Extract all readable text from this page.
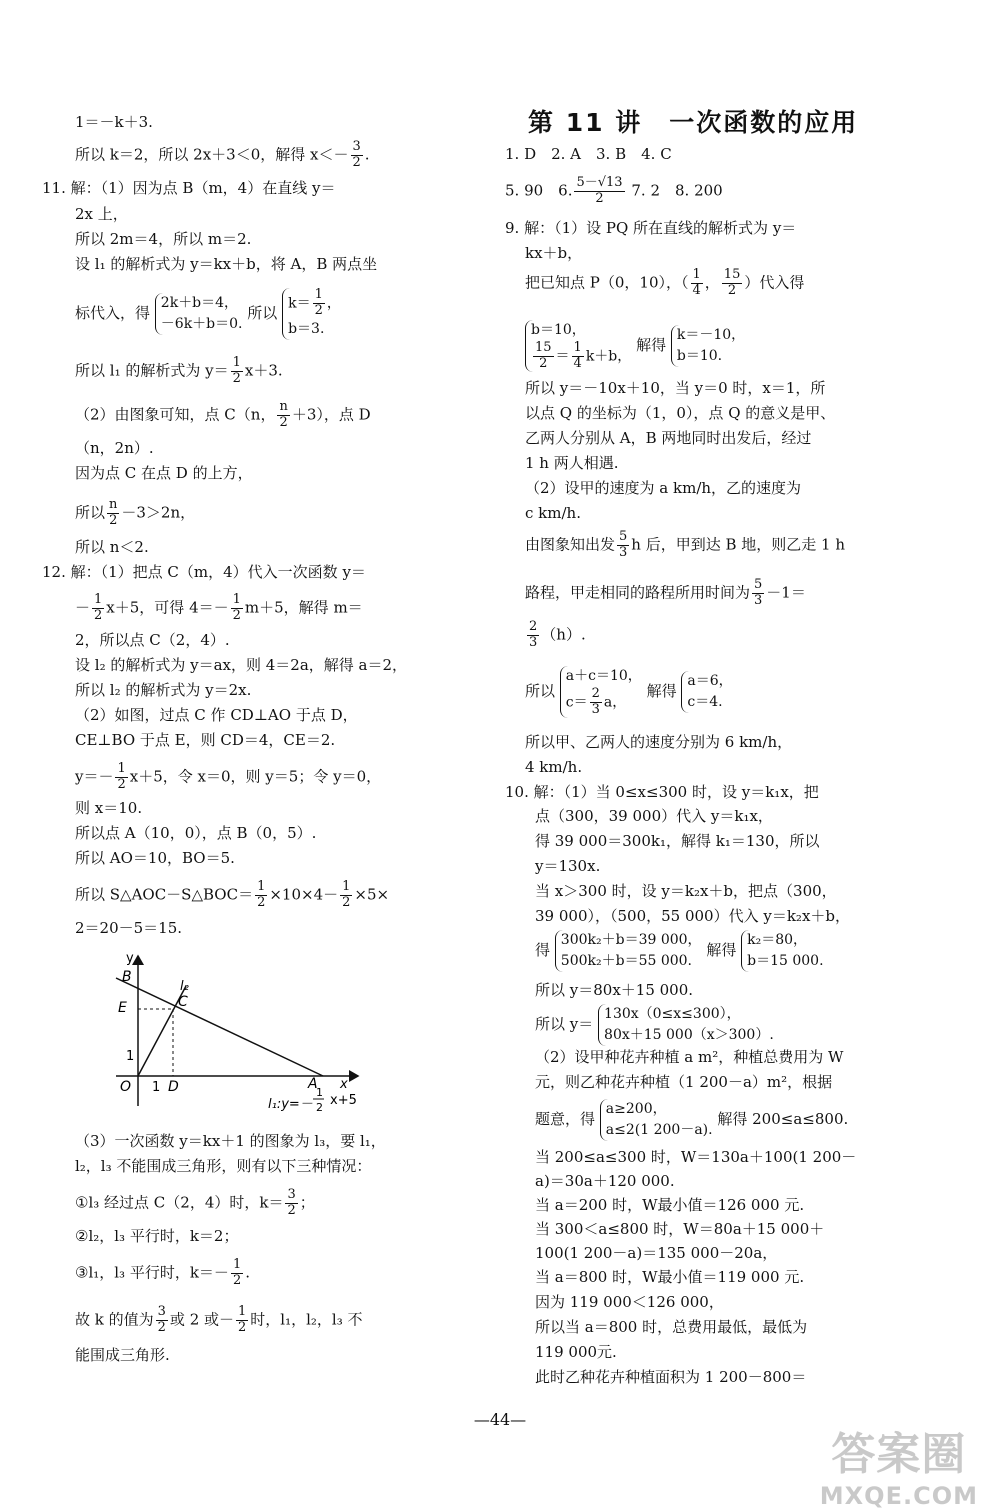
1＝－k＋3.
所以 k＝2，所以 2x＋3＜0，解得 $x<- \frac{3}{2}$ .
11. 解：（1）因为点 B（m，4）在直线 y＝
2x 上，
所以 2m＝4，所以 m＝2.
设 l₁ 的解析式为 y＝kx＋b，将 A，B 两点坐
标代入，得 2k＋b＝4，
－6k＋b＝0. 所以 $k= \frac{1}{2}$ ，
b＝3.
所以 l₁ 的解析式为 $y= \frac{1}{2} x+3$.
（2）由图象可知，点 C（n， $\frac{n}{2} +3$），点 D
（n，2n）.
因为点 C 在点 D 的上方，
所以 $\frac{n}{2} -3>2n$，
所以 n＜2.
12. 解：（1）把点 C（m，4）代入一次函数 y＝
－ $\frac{1}{2} x+5$，可得 $4=- \frac{1}{2} m+5$，解得 m＝
2，所以点 C（2，4）.
设 l₂ 的解析式为 y＝ax，则 4＝2a，解得 a＝2，
所以 l₂ 的解析式为 y＝2x.
（2）如图，过点 C 作 CD⊥AO 于点 D，
CE⊥BO 于点 E，则 CD＝4，CE＝2.
$y=- \frac{1}{2} x+5$，令 x＝0，则 y＝5；令 y＝0，
则 x＝10.
所以点 A（10，0），点 B（0，5）.
所以 AO＝10，BO＝5.
所以 S△AOC－S△BOC＝ $\frac{1}{2} \times 10\times 4- \frac{1}{2} \times 5\times$
2＝20－5＝15.
y
x
B
E	C
l₂
1
O 1 D	A
l₁:y=－
1
2 x+5
（3）一次函数 y＝kx＋1 的图象为 l₃，要 l₁，
l₂，l₃ 不能围成三角形，则有以下三种情况：
①l₃ 经过点 C（2，4）时，$k= \frac{3}{2}$ ；
②l₂，l₃ 平行时，k＝2；
③l₁，l₃ 平行时，$k=- \frac{1}{2}$ .
故 k 的值为 $\frac{3}{2}$ 或 2 或－ $\frac{1}{2}$ 时，l₁，l₂，l₃ 不
能围成三角形.
第 11 讲　一次函数的应用
1. D　2. A　3. B　4. C
5. 90　6. $\frac{5-√13}{2} 7$. 2　8. 200
9. 解：（1）设 PQ 所在直线的解析式为 y＝
kx＋b，
把已知点 P（0，10），（ $\frac{1}{4}$ ， $\frac{15}{2}$ ）代入得
b＝10，

$\frac{15}{2} = \frac{1}{4} k+b$， 解得 k＝－10，
b＝10.
所以 y＝－10x＋10，当 y＝0 时，x＝1，所
以点 Q 的坐标为（1，0），点 Q 的意义是甲、
乙两人分别从 A，B 两地同时出发后，经过
1 h 两人相遇.
（2）设甲的速度为 a km/h，乙的速度为
c km/h.
由图象知出发 $\frac{5}{3}$ h 后，甲到达 B 地，则乙走 1 h
路程，甲走相同的路程所用时间为 $\frac{5}{3} -1=$
$\frac{2}{3} (h)$.
所以 a＋c＝10，
$c= \frac{2}{3}$ a， 解得 a＝6，
c＝4.
所以甲、乙两人的速度分别为 6 km/h，
4 km/h.
10. 解：（1）当 0≤x≤300 时，设 y＝k₁x，把
点（300，39 000）代入 y＝k₁x，
得 39 000＝300k₁，解得 k₁＝130，所以
y＝130x.
当 x＞300 时，设 y＝k₂x＋b，把点（300，
39 000），（500，55 000）代入 y＝k₂x＋b，
得 300k₂＋b＝39 000，
500k₂＋b＝55 000. 解得 k₂＝80，
b＝15 000.
所以 y＝80x＋15 000.
所以 y＝ 130x（0≤x≤300），
80x＋15 000（x＞300）.
（2）设甲种花卉种植 a m²，种植总费用为 W
元，则乙种花卉种植（1 200－a）m²，根据
题意，得 a≥200，
a≤2(1 200－a). 解得 200≤a≤800.
当 200≤a≤300 时，W＝130a＋100(1 200－
a)＝30a＋120 000.
当 a＝200 时，W最小值＝126 000 元.
当 300＜a≤800 时，W＝80a＋15 000＋
100(1 200－a)＝135 000－20a，
当 a＝800 时，W最小值＝119 000 元.
因为 119 000＜126 000，
所以当 a＝800 时，总费用最低，最低为
119 000元.
此时乙种花卉种植面积为 1 200－800＝
—44—
答案圈
MXQE.COM
